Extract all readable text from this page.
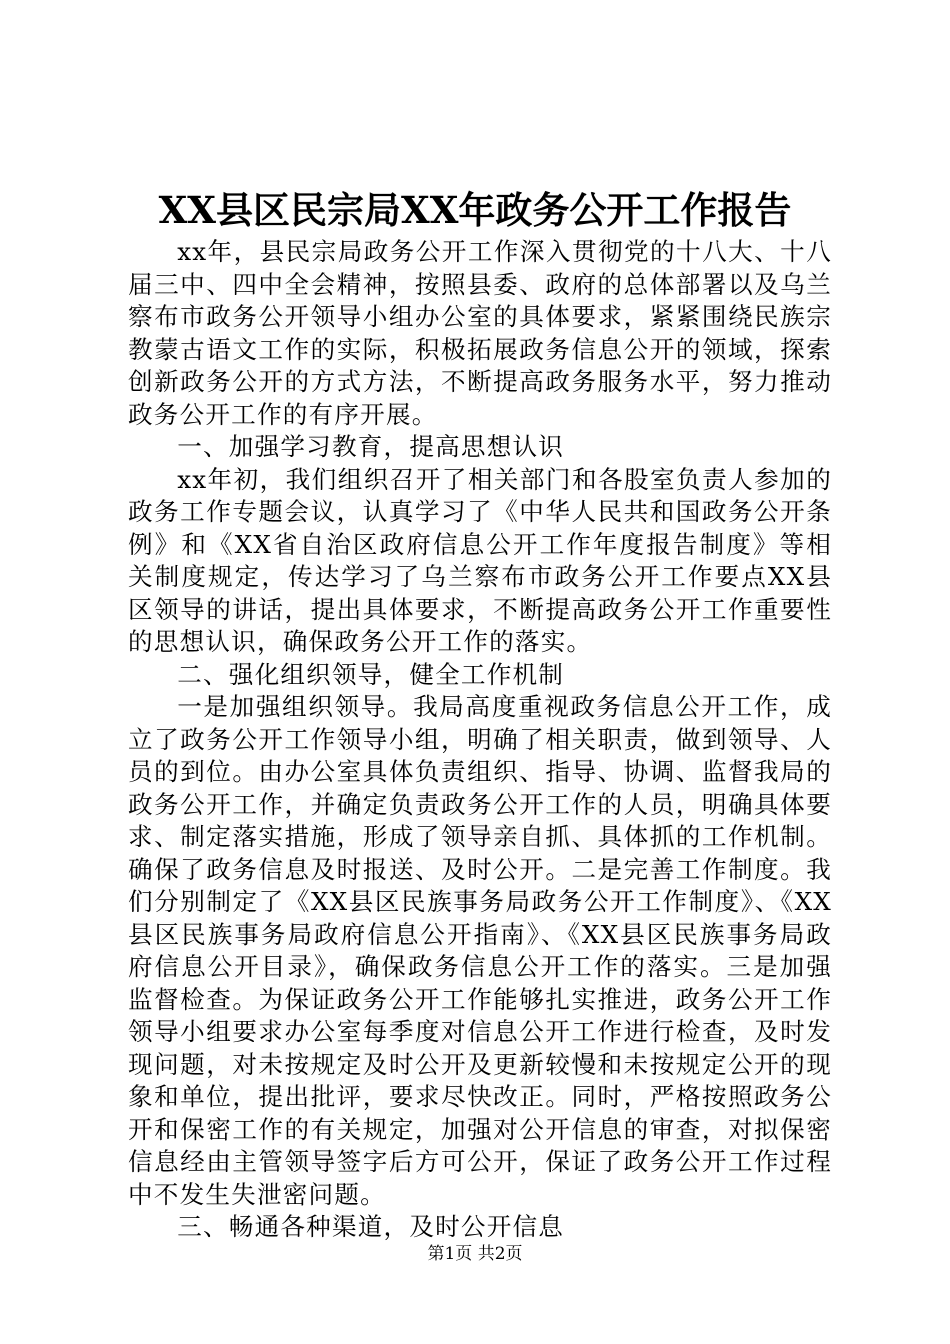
XX县区民宗局XX年政务公开工作报告

xx年，县民宗局政务公开工作深入贯彻党的十八大、十八届三中、四中全会精神，按照县委、政府的总体部署以及乌兰察布市政务公开领导小组办公室的具体要求，紧紧围绕民族宗教蒙古语文工作的实际，积极拓展政务信息公开的领域，探索创新政务公开的方式方法，不断提高政务服务水平，努力推动政务公开工作的有序开展。

一、加强学习教育，提高思想认识

xx年初，我们组织召开了相关部门和各股室负责人参加的政务工作专题会议，认真学习了《中华人民共和国政务公开条例》和《XX省自治区政府信息公开工作年度报告制度》等相关制度规定，传达学习了乌兰察布市政务公开工作要点XX县区领导的讲话，提出具体要求，不断提高政务公开工作重要性的思想认识，确保政务公开工作的落实。

二、强化组织领导，健全工作机制

一是加强组织领导。我局高度重视政务信息公开工作，成立了政务公开工作领导小组，明确了相关职责，做到领导、人员的到位。由办公室具体负责组织、指导、协调、监督我局的政务公开工作，并确定负责政务公开工作的人员，明确具体要求、制定落实措施，形成了领导亲自抓、具体抓的工作机制。确保了政务信息及时报送、及时公开。二是完善工作制度。我们分别制定了《XX县区民族事务局政务公开工作制度》、《XX县区民族事务局政府信息公开指南》、《XX县区民族事务局政府信息公开目录》，确保政务信息公开工作的落实。三是加强监督检查。为保证政务公开工作能够扎实推进，政务公开工作领导小组要求办公室每季度对信息公开工作进行检查，及时发现问题，对未按规定及时公开及更新较慢和未按规定公开的现象和单位，提出批评，要求尽快改正。同时，严格按照政务公开和保密工作的有关规定，加强对公开信息的审查，对拟保密信息经由主管领导签字后方可公开，保证了政务公开工作过程中不发生失泄密问题。

三、畅通各种渠道，及时公开信息

第1页 共2页
